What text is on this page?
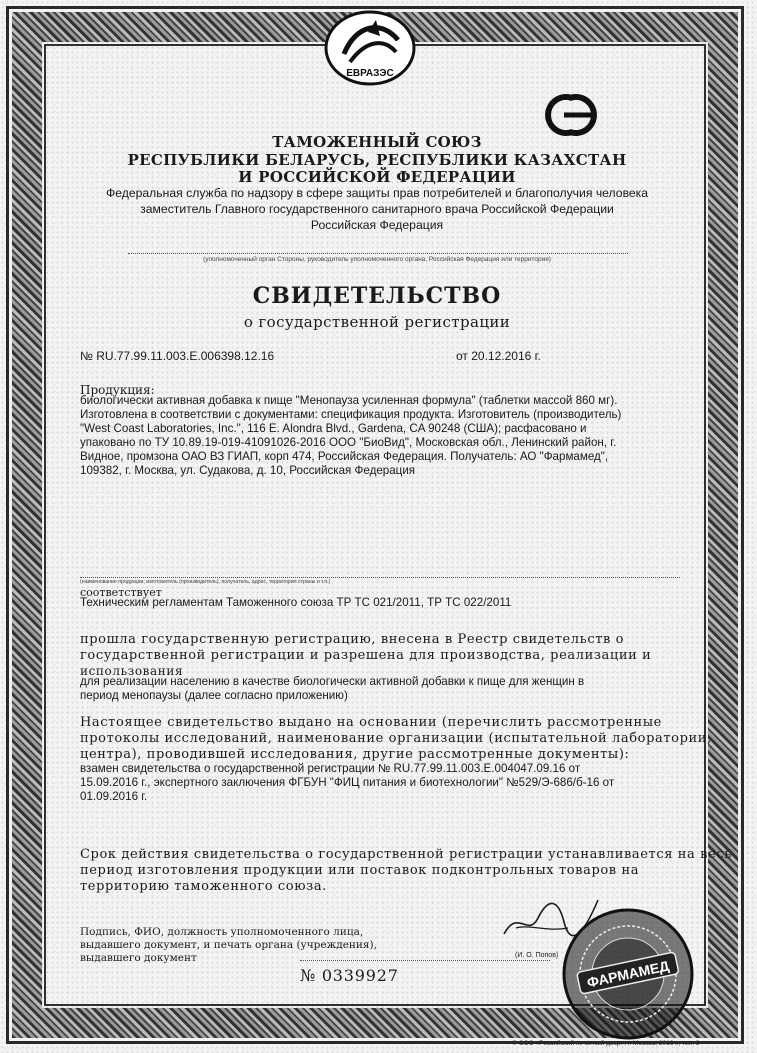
ЕВРАЗЭС
ТАМОЖЕННЫЙ СОЮЗ
РЕСПУБЛИКИ БЕЛАРУСЬ, РЕСПУБЛИКИ КАЗАХСТАН
И РОССИЙСКОЙ ФЕДЕРАЦИИ
Федеральная служба по надзору в сфере защиты прав потребителей и благополучия человека
заместитель Главного государственного санитарного врача Российской Федерации
Российская Федерация
(уполномоченный орган Стороны, руководитель уполномоченного органа, Российская Федерация или территория)
СВИДЕТЕЛЬСТВО
о государственной регистрации
№ RU.77.99.11.003.Е.006398.12.16	от 20.12.2016 г.
Продукция:
биологически активная добавка к пище "Менопауза усиленная формула" (таблетки массой 860 мг).
Изготовлена в соответствии с документами: спецификация продукта. Изготовитель (производитель)
"West Coast Laboratories, Inc.", 116 E. Alondra Blvd., Gardena, CA 90248 (США); расфасовано и
упаковано по ТУ 10.89.19-019-41091026-2016 ООО "БиоВид", Московская обл., Ленинский район, г.
Видное, промзона ОАО ВЗ ГИАП, корп 474, Российская Федерация. Получатель: АО "Фармамед",
109382, г. Москва, ул. Судакова, д. 10, Российская Федерация
(наименование продукции, изготовитель (производитель), получатель, адрес, территория страны и т.п.)
соответствует
Техническим регламентам Таможенного союза ТР ТС 021/2011, ТР ТС 022/2011
прошла государственную регистрацию, внесена в Реестр свидетельств о
государственной регистрации и разрешена для производства, реализации и
использования
для реализации населению в качестве биологически активной добавки к пище для женщин в
период менопаузы (далее согласно приложению)
Настоящее свидетельство выдано на основании (перечислить рассмотренные
протоколы исследований, наименование организации (испытательной лаборатории,
центра), проводившей исследования, другие рассмотренные документы):
взамен свидетельства о государственной регистрации № RU.77.99.11.003.Е.004047.09.16 от
15.09.2016 г., экспертного заключения ФГБУН "ФИЦ питания и биотехнологии" №529/Э-686/б-16 от
01.09.2016 г.
Срок действия свидетельства о государственной регистрации устанавливается на весь
период изготовления продукции или поставок подконтрольных товаров на
территорию таможенного союза.
Подпись, ФИО, должность уполномоченного лица,
выдавшего документ, и печать органа (учреждения),
выдавшего документ	(И. О. Попов)
ФАРМАМЕД
№ 0339927
© ООО «Российский печатный двор», г. Москва, 2016 г., тип. 3
